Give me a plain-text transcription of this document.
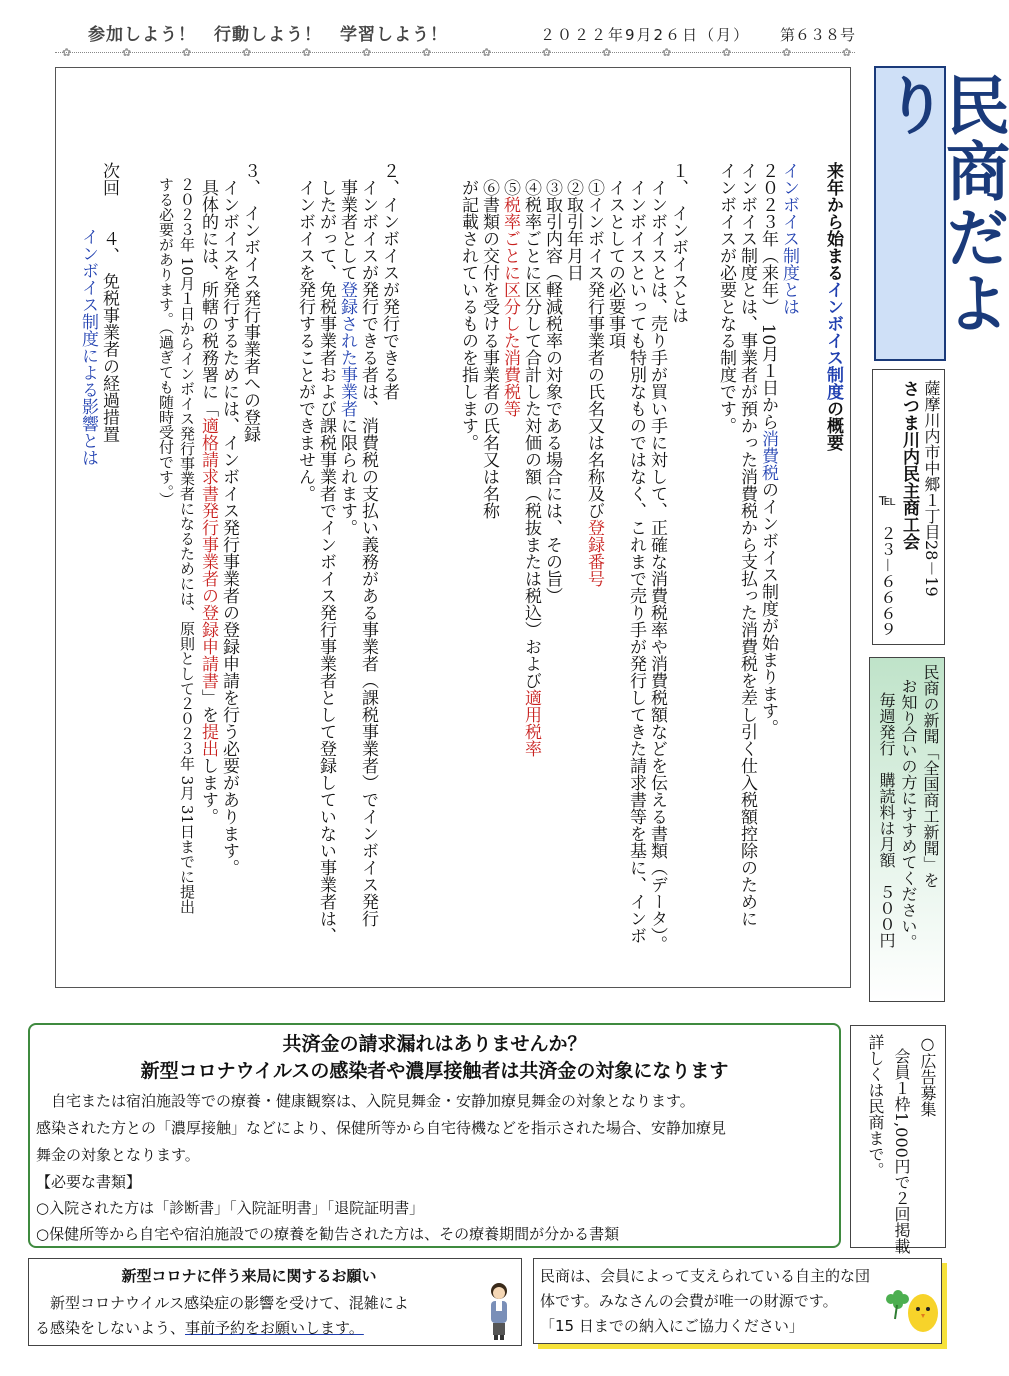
参加しよう！　行動しよう！　学習しよう！	２０２２年9月2６日（月） 第６３８号
✿	✿	✿	✿	✿	✿	✿	✿	✿	✿	✿	✿	✿	✿
来年から始まるインボイス制度の概要
インボイス制度とは
２０２３年（来年）　10月１日から消費税のインボイス制度が始まります。
インボイス制度とは、事業者が預かった消費税から支払った消費税を差し引く仕入税額控除のために
インボイスが必要となる制度です。
１、　インボイスとは
　インボイスとは、売り手が買い手に対して、正確な消費税率や消費税額などを伝える書類（データ）。
　インボイスといっても特別なものではなく、これまで売り手が発行してきた請求書等を基に、インボ
　イスとしての必要事項
　①インボイス発行事業者の氏名又は名称及び登録番号
　②取引年月日
　③取引内容（軽減税率の対象である場合には、その旨）
　④税率ごとに区分して合計した対価の額（税抜または税込）および適用税率
　⑤税率ごとに区分した消費税等
　⑥書類の交付を受ける事業者の氏名又は名称
　が記載されているものを指します。
２、インボイスが発行できる者
　インボイスが発行できる者は、消費税の支払い義務がある事業者（課税事業者）でインボイス発行
　事業者として登録された事業者に限られます。
　したがって、免税事業者および課税事業者でインボイス発行事業者として登録していない事業者は、
　インボイスを発行することができません。
３、　インボイス発行事業者への登録
　インボイスを発行するためには、インボイス発行事業者の登録申請を行う必要があります。
　具体的には、所轄の税務署に「適格請求書発行事業者の登録申請書」を提出します。
　２０２３年 10月１日からインボイス発行事業者になるためには、原則として２０２３年 3月 31日までに提出
　する必要があります。（過ぎても随時受付です。）
次回　　４、　免税事業者の経過措置
インボイス制度による影響とは
民商だより
薩摩川内市中郷１丁目28－19
さつま川内民主商工会
℡　２３－６６６９
民商の新聞「全国商工新聞」を
お知り合いの方にすすめてください。
毎週発行　購読料は月額　５００円
共済金の請求漏れはありませんか？
新型コロナウイルスの感染者や濃厚接触者は共済金の対象になります
　自宅または宿泊施設等での療養・健康観察は、入院見舞金・安静加療見舞金の対象となります。
感染された方との「濃厚接触」などにより、保健所等から自宅待機などを指示された場合、安静加療見
舞金の対象となります。
【必要な書類】
○入院された方は「診断書」「入院証明書」「退院証明書」
○保健所等から自宅や宿泊施設での療養を勧告された方は、その療養期間が分かる書類
○広告募集
会員１枠1,000円で２回掲載
詳しくは民商まで。
新型コロナに伴う来局に関するお願い
　新型コロナウイルス感染症の影響を受けて、混雑によ
る感染をしないよう、事前予約をお願いします。
民商は、会員によって支えられている自主的な団
体です。みなさんの会費が唯一の財源です。
「15 日までの納入にご協力ください」
